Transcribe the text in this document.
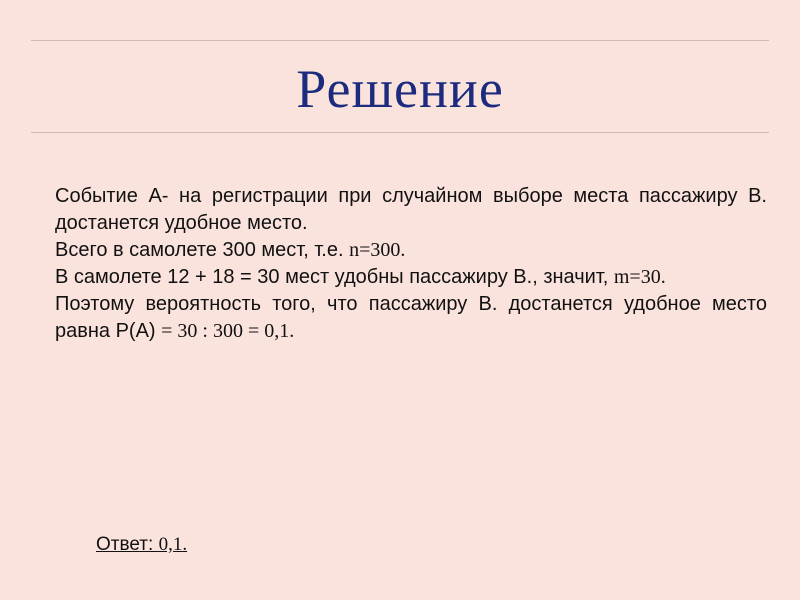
Решение

Событие А- на регистрации при случайном выборе места пассажиру В. достанется удобное место.

Всего в самолете 300 мест, т.е. n=300.

В самолете 12 + 18 = 30 мест удобны пассажиру В., значит, m=30.

Поэтому вероятность того, что пассажиру В. достанется удобное место равна Р(А) = 30 : 300 = 0,1.

Ответ: 0,1.
